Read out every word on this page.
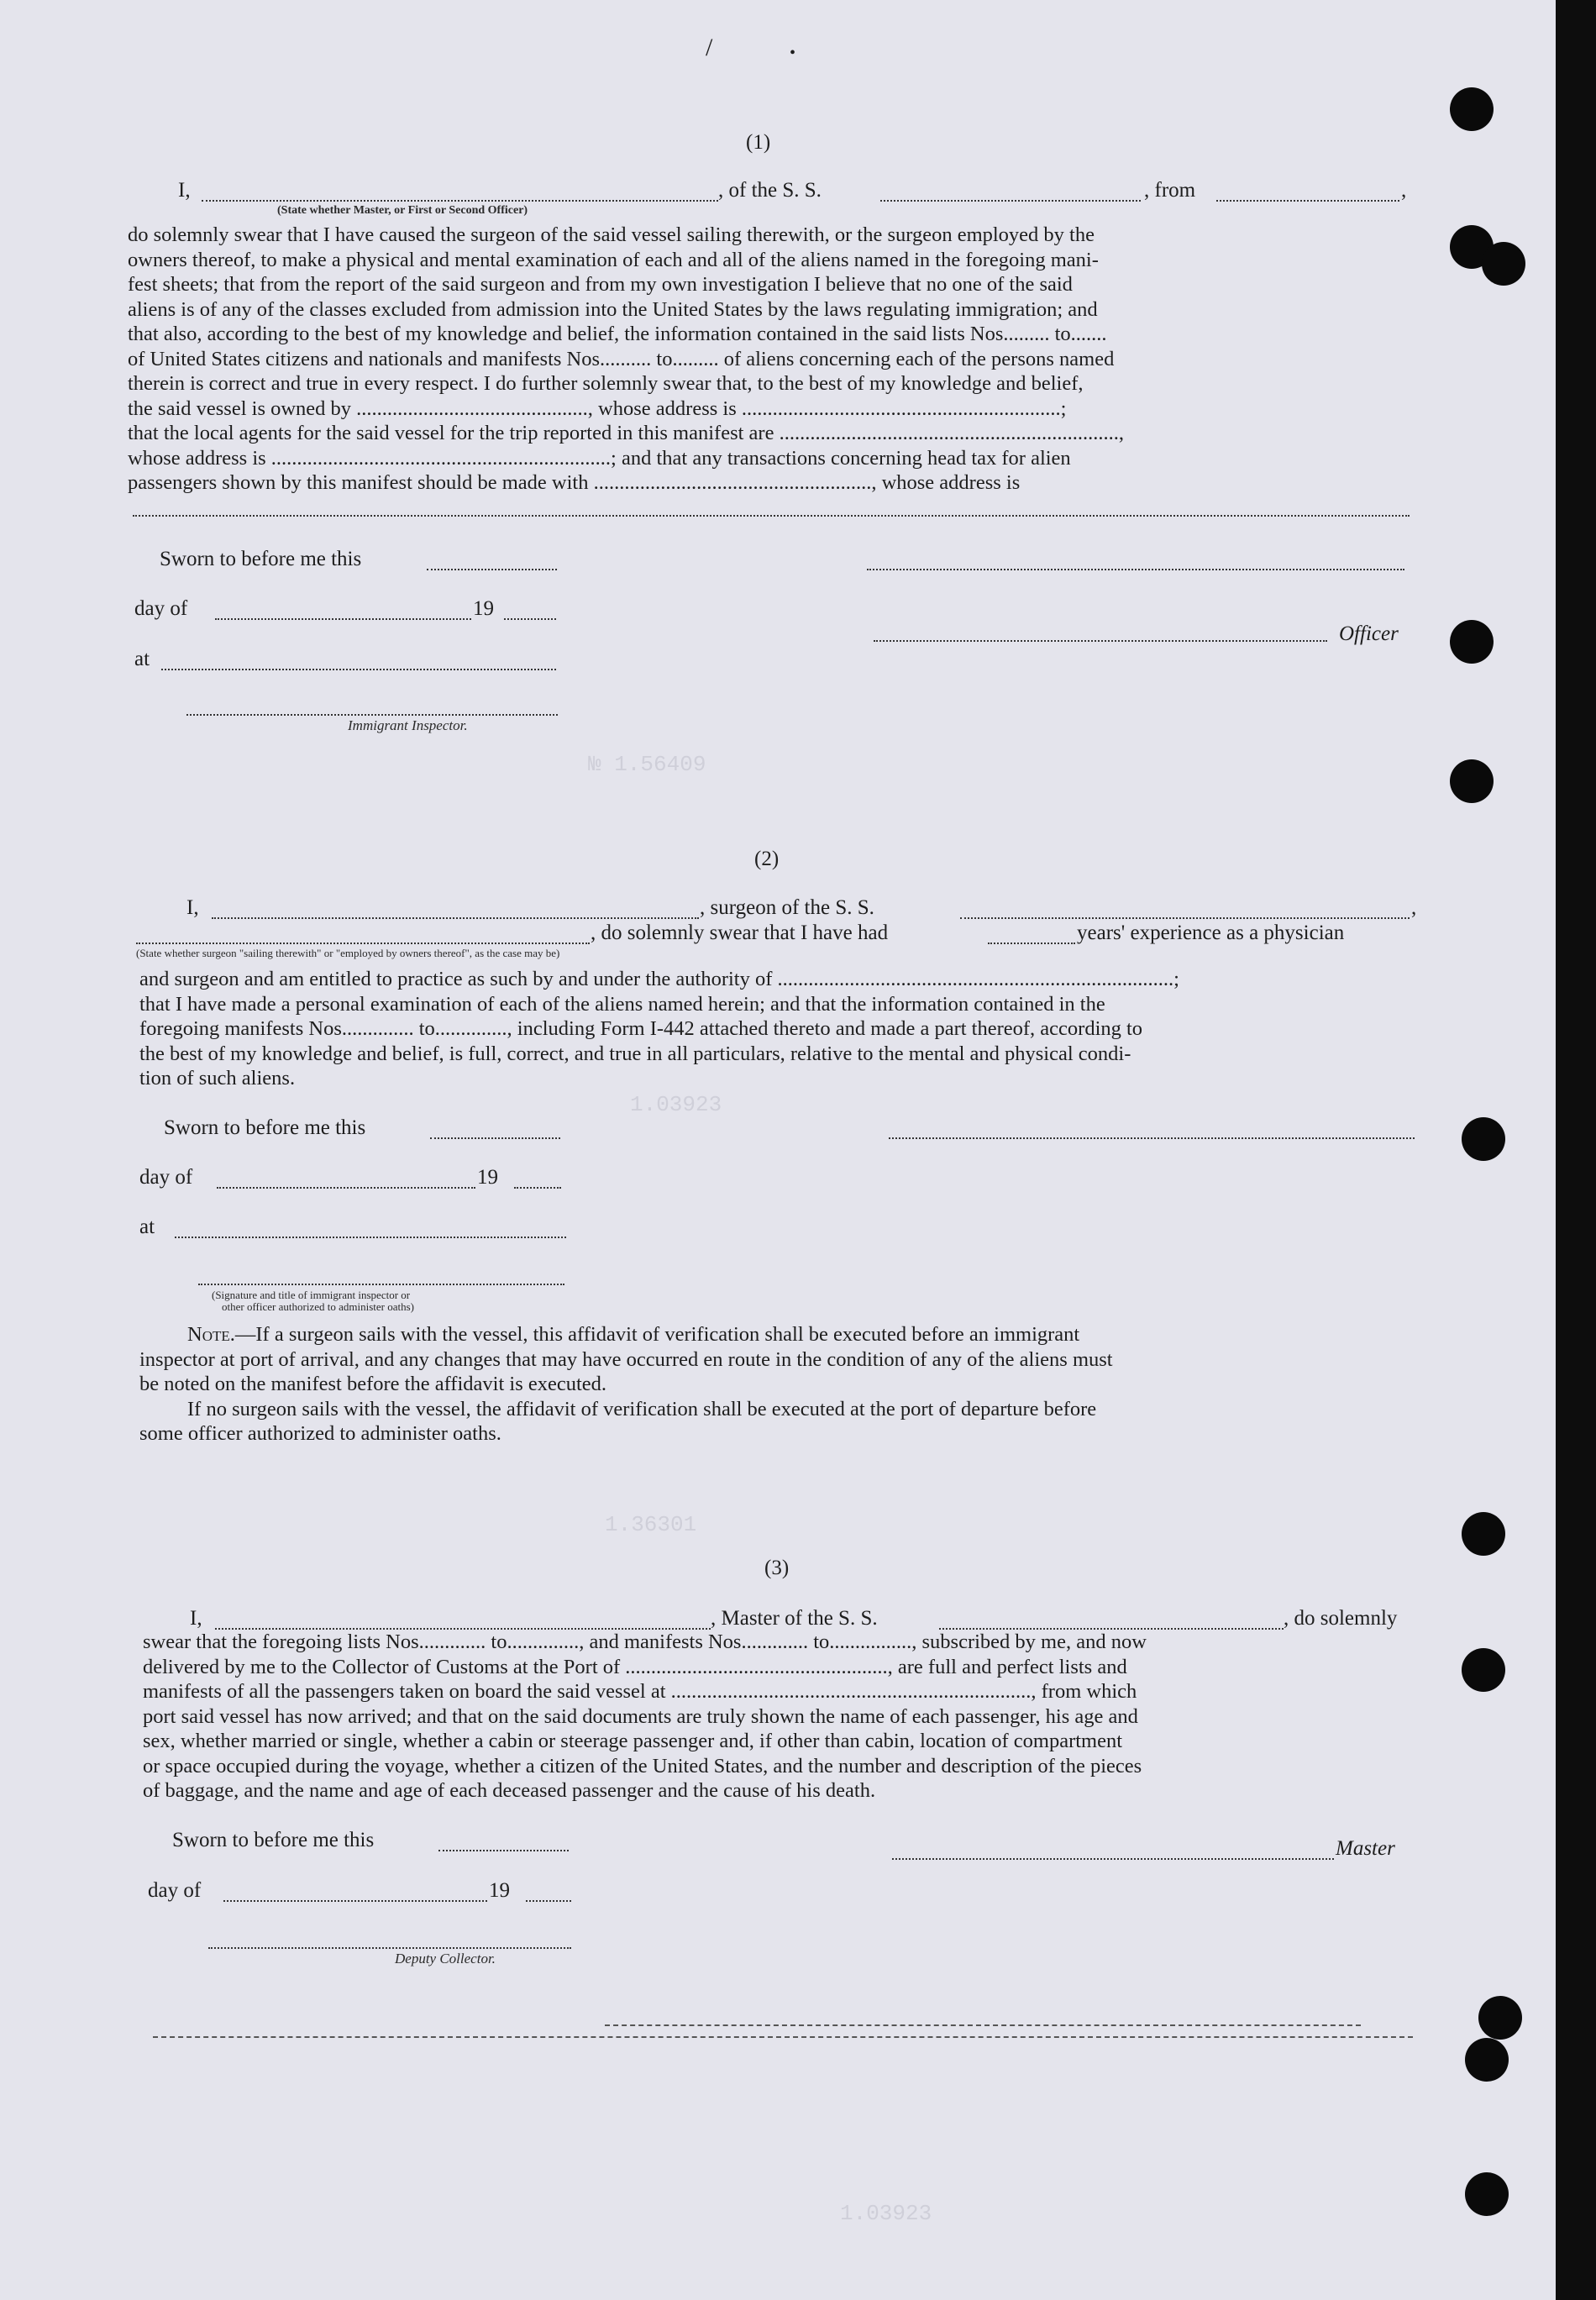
№ 1.56409
1.03923
1.36301
1.03923
/	•
(1)
I,	, of the S. S.	, from	,
(State whether Master, or First or Second Officer)
do solemnly swear that I have caused the surgeon of the said vessel sailing therewith, or the surgeon employed by the
owners thereof, to make a physical and mental examination of each and all of the aliens named in the foregoing mani-
fest sheets; that from the report of the said surgeon and from my own investigation I believe that no one of the said
aliens is of any of the classes excluded from admission into the United States by the laws regulating immigration; and
that also, according to the best of my knowledge and belief, the information contained in the said lists Nos......... to.......
of United States citizens and nationals and manifests Nos.......... to......... of aliens concerning each of the persons named
therein is correct and true in every respect. I do further solemnly swear that, to the best of my knowledge and belief,
the said vessel is owned by ............................................., whose address is ..............................................................;
that the local agents for the said vessel for the trip reported in this manifest are ..................................................................,
whose address is ..................................................................; and that any transactions concerning head tax for alien
passengers shown by this manifest should be made with ......................................................, whose address is
Sworn to before me this
day of	19
Officer
at
Immigrant Inspector.
(2)
I,	, surgeon of the S. S.	,
, do solemnly swear that I have had	years' experience as a physician
(State whether surgeon "sailing therewith" or "employed by owners thereof", as the case may be)
and surgeon and am entitled to practice as such by and under the authority of .............................................................................;
that I have made a personal examination of each of the aliens named herein; and that the information contained in the
foregoing manifests Nos.............. to.............., including Form I-442 attached thereto and made a part thereof, according to
the best of my knowledge and belief, is full, correct, and true in all particulars, relative to the mental and physical condi-
tion of such aliens.
Sworn to before me this
day of	19
at
(Signature and title of immigrant inspector or
other officer authorized to administer oaths)
Note.—If a surgeon sails with the vessel, this affidavit of verification shall be executed before an immigrant
inspector at port of arrival, and any changes that may have occurred en route in the condition of any of the aliens must
be noted on the manifest before the affidavit is executed.
If no surgeon sails with the vessel, the affidavit of verification shall be executed at the port of departure before
some officer authorized to administer oaths.
(3)
I,	, Master of the S. S.	, do solemnly
swear that the foregoing lists Nos............. to.............., and manifests Nos............. to................, subscribed by me, and now
delivered by me to the Collector of Customs at the Port of ..................................................., are full and perfect lists and
manifests of all the passengers taken on board the said vessel at ......................................................................, from which
port said vessel has now arrived; and that on the said documents are truly shown the name of each passenger, his age and
sex, whether married or single, whether a cabin or steerage passenger and, if other than cabin, location of compartment
or space occupied during the voyage, whether a citizen of the United States, and the number and description of the pieces
of baggage, and the name and age of each deceased passenger and the cause of his death.
Sworn to before me this	Master
day of	19
Deputy Collector.
